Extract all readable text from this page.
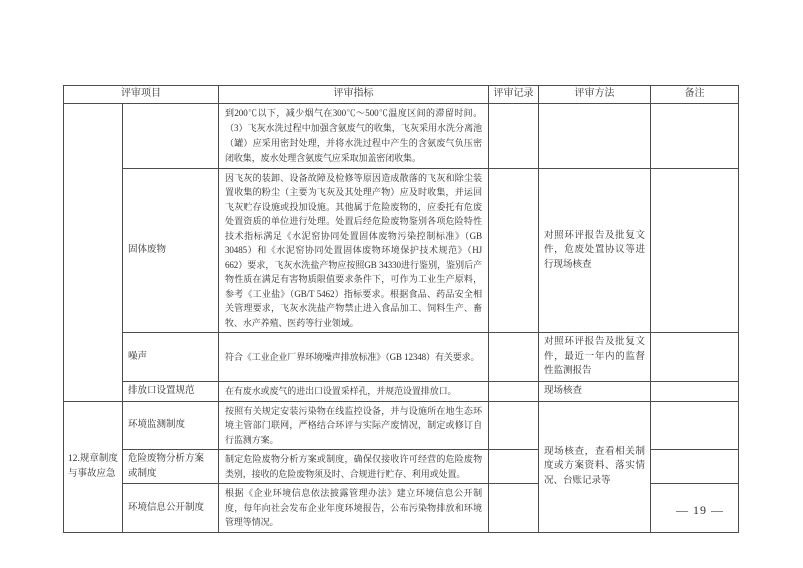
评审项目		评审指标	评审记录	评审方法	备注
		到200℃以下，减少烟气在300℃～500℃温度区间的滞留时间。（3）飞灰水洗过程中加强含氨废气的收集，飞灰采用水洗分离池（罐）应采用密封处理，并将水洗过程中产生的含氨废气负压密闭收集，废水处理含氨废气应采取加盖密闭收集。			
	固体废物	因飞灰的装卸、设备故障及检修等原因造成散落的飞灰和除尘装置收集的粉尘（主要为飞灰及其处理产物）应及时收集，并运回飞灰贮存设施或投加设施。其他属于危险废物的，应委托有危废处置资质的单位进行处理。处置后经危险废物鉴别各项危险特性技术指标满足《水泥窑协同处置固体废物污染控制标准》（GB 30485）和《水泥窑协同处置固体废物环境保护技术规范》（HJ 662）要求，飞灰水洗盐产物应按照GB 34330进行鉴别，鉴别后产物性质在满足有害物质限值要求条件下，可作为工业生产原料，参考《工业盐》（GB/T 5462）指标要求。根据食品、药品安全相关管理要求，飞灰水洗盐产物禁止进入食品加工、饲料生产、畜牧、水产养殖、医药等行业领域。		对照环评报告及批复文件，危废处置协议等进行现场核查	
	噪声	符合《工业企业厂界环境噪声排放标准》（GB 12348）有关要求。		对照环评报告及批复文件，最近一年内的监督性监测报告	
	排放口设置规范	在有废水或废气的进出口设置采样孔，并规范设置排放口。		现场核查	
12.规章制度与事故应急	环境监测制度	按照有关规定安装污染物在线监控设备，并与设施所在地生态环境主管部门联网，严格结合环评与实际产废情况，制定或修订自行监测方案。		现场核查，查看相关制度或方案资料、落实情况、台账记录等	
	危险废物分析方案或制度	制定危险废物分析方案或制度，确保仅接收许可经营的危险废物类别，接收的危险废物须及时、合规进行贮存、利用或处置。			
	环境信息公开制度	根据《企业环境信息依法披露管理办法》建立环境信息公开制度，每年向社会发布企业年度环境报告，公布污染物排放和环境管理等情况。			
— 19 —
